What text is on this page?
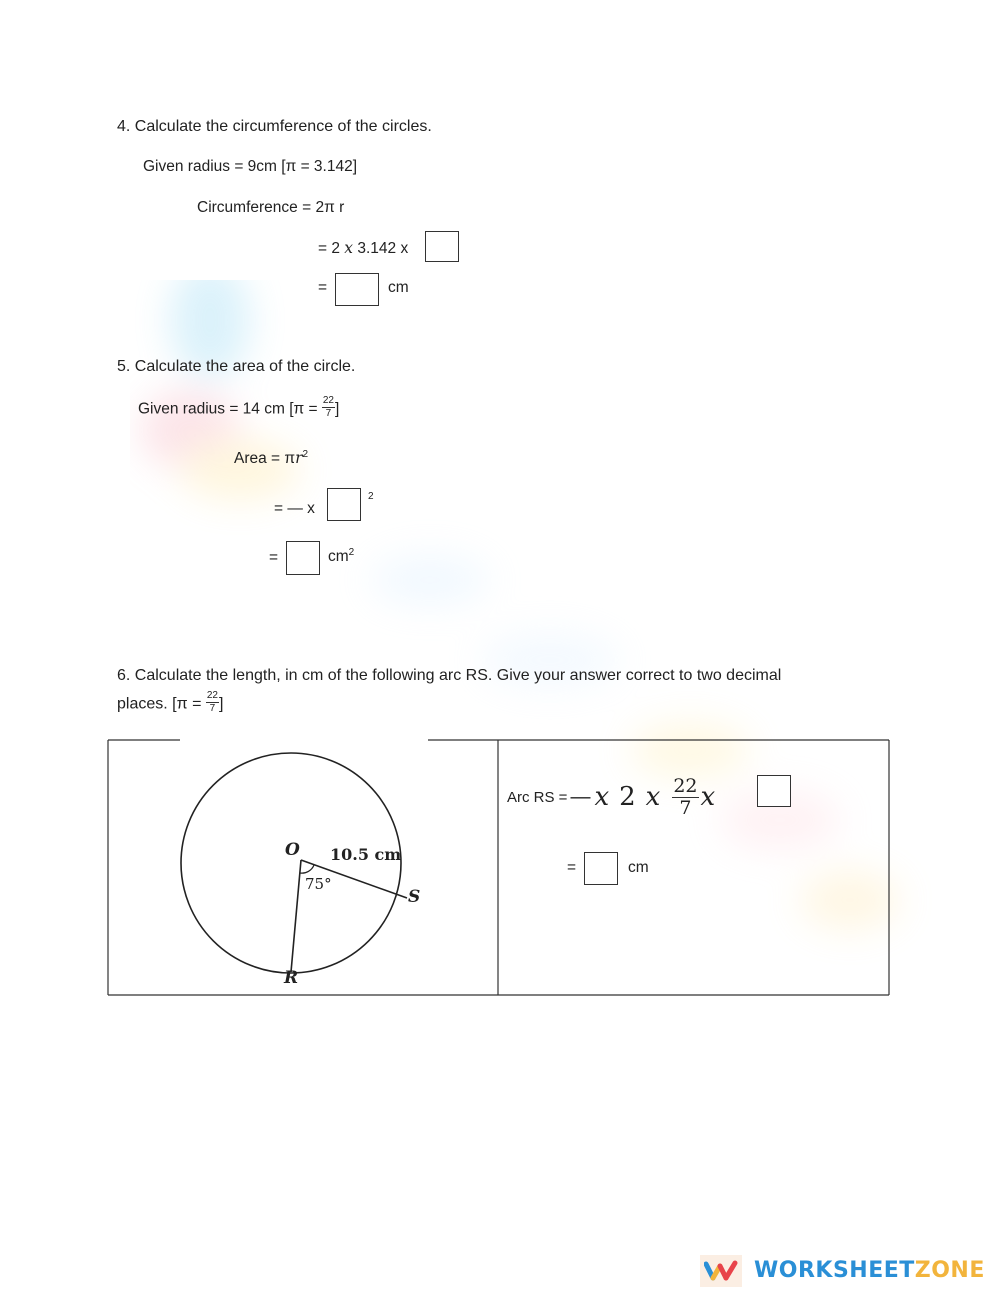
4. Calculate the circumference of the circles.
Given radius = 9cm [π = 3.142]
Circumference = 2π r
= 2 x 3.142 x
=	cm
5. Calculate the area of the circle.
Given radius = 14 cm [$\pi = \frac{22}{7}$ ]
Area = $\pi r^2$
= — x
2
=	$cm^2$
6. Calculate the length, in cm of the following arc RS. Give your answer correct to two decimal
places. [$\pi = \frac{22}{7}$ ]
O 10.5 cm
75°
S
R
Arc RS = — x 2 x $\frac{22}{7}$ x
=	cm
WORKSHEETZONE
